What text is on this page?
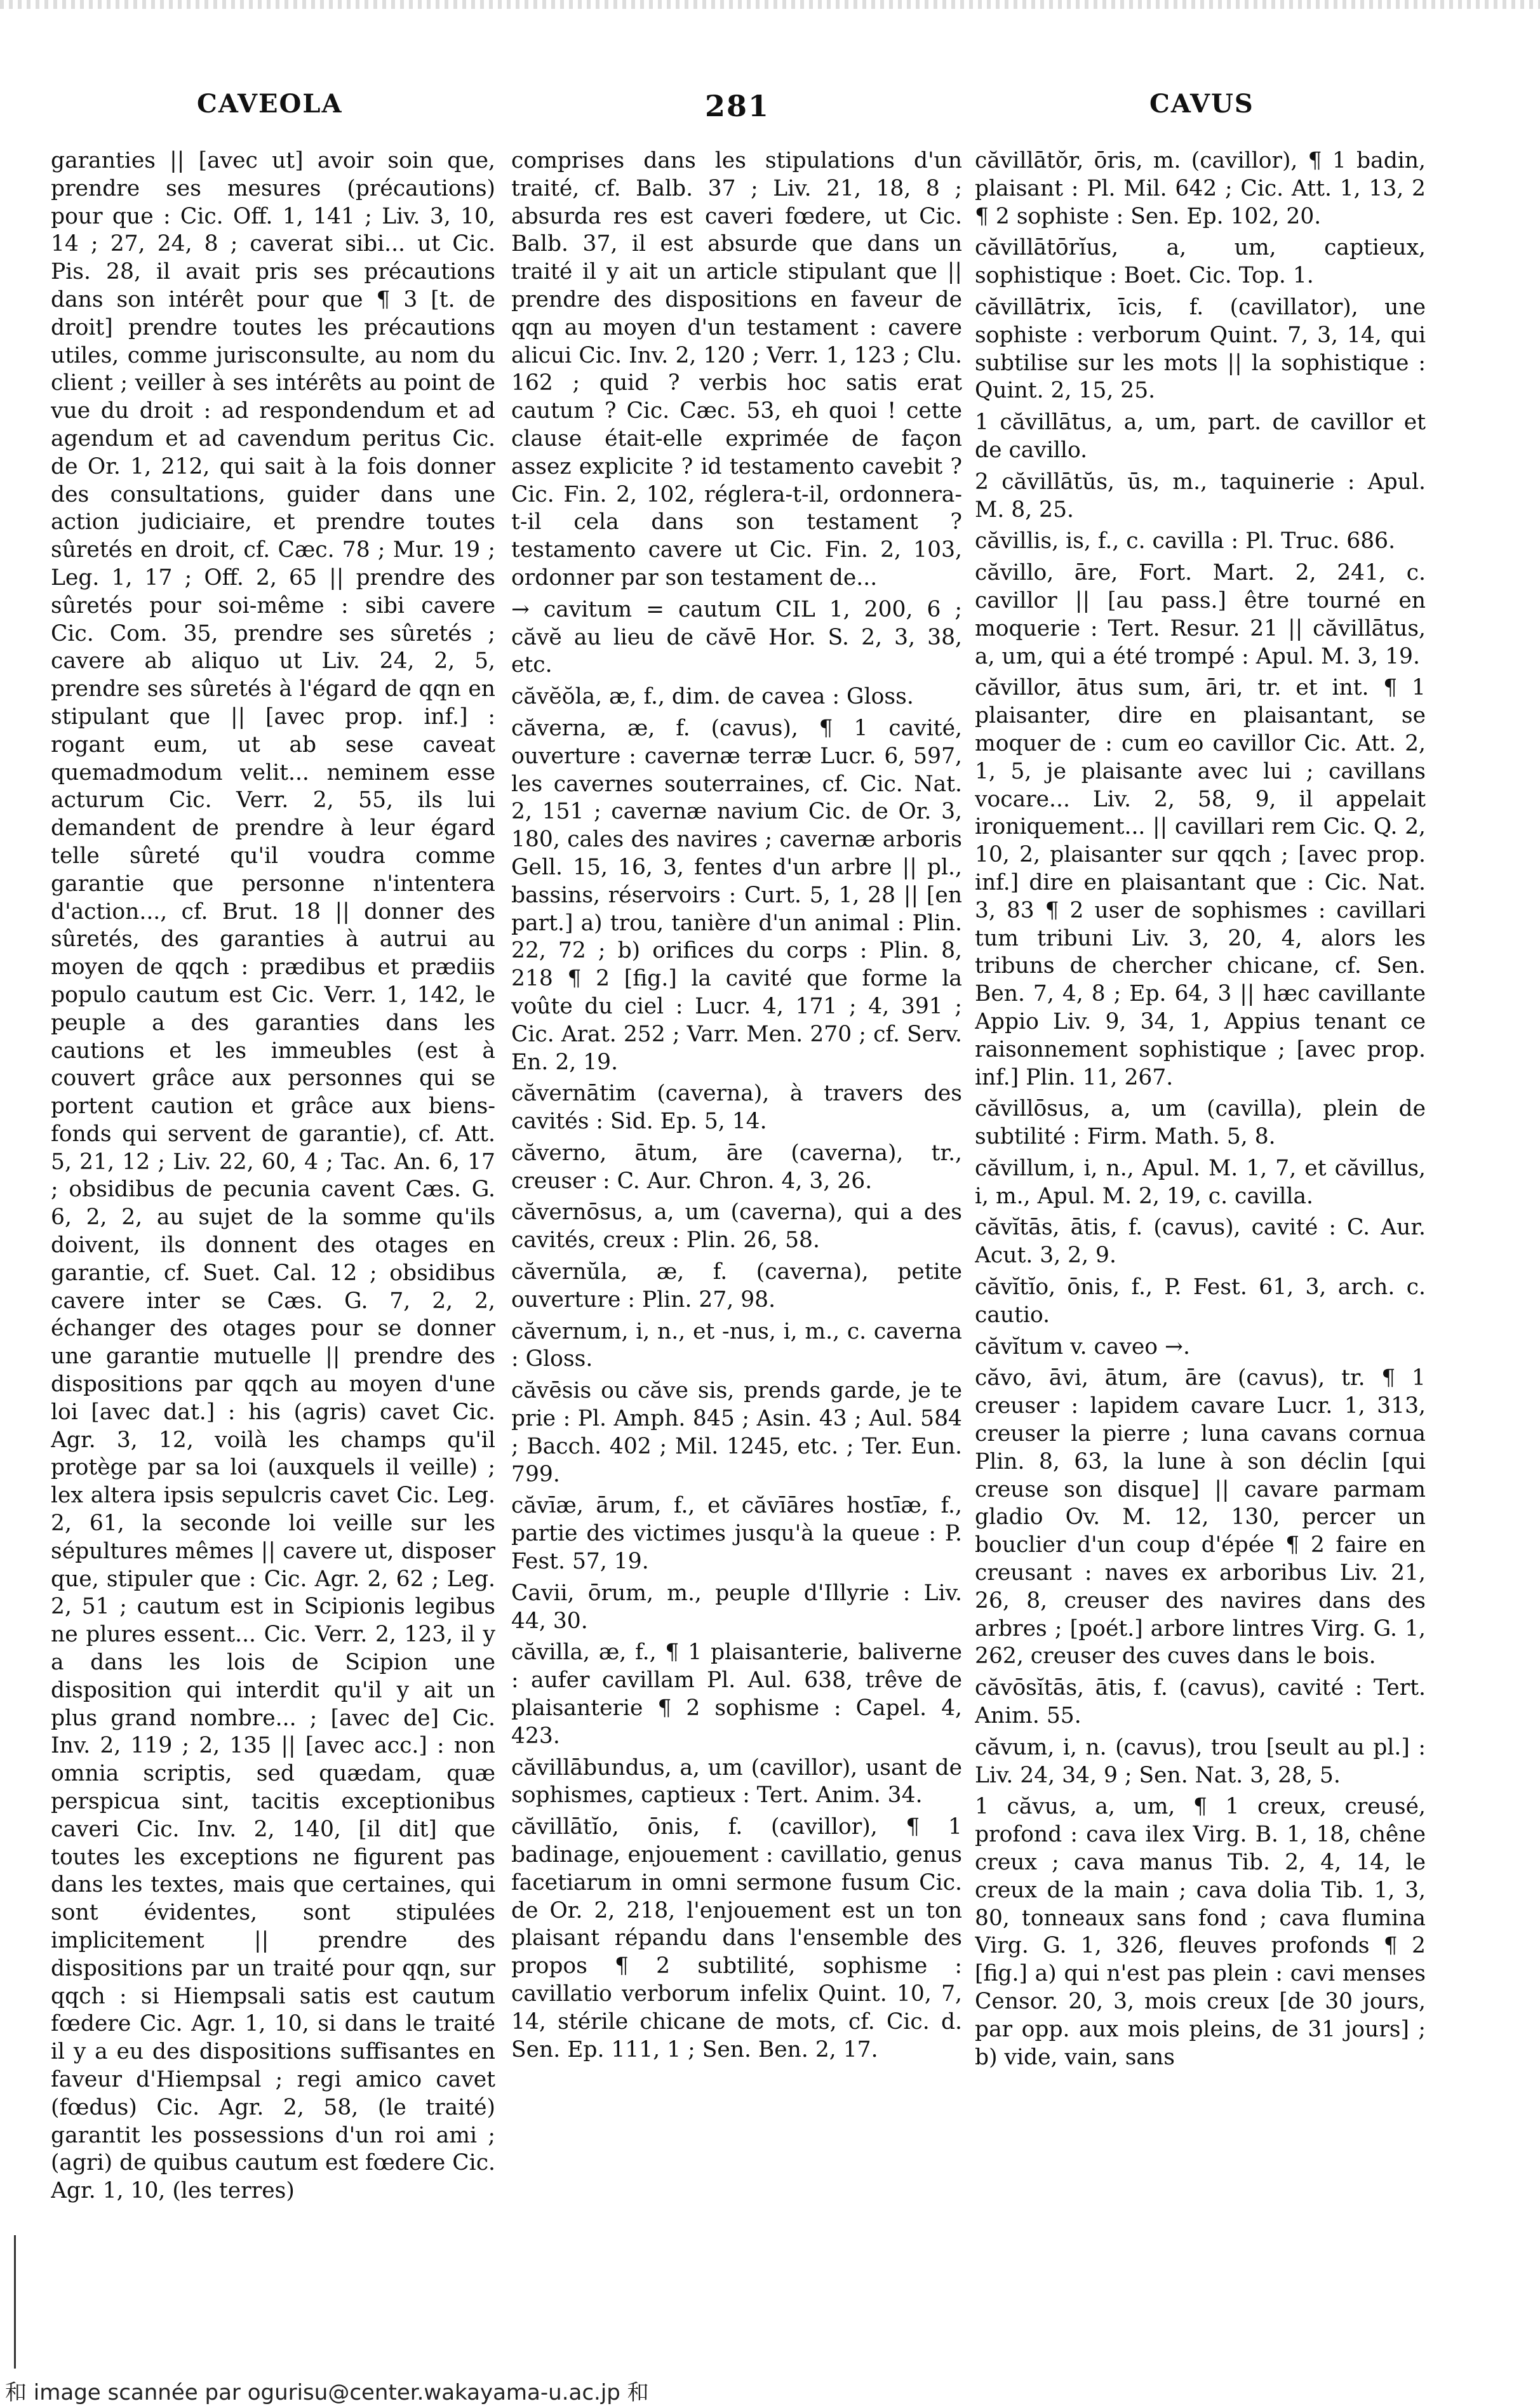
CAVEOLA	281	CAVUS

garanties || [avec ut] avoir soin que, prendre ses mesures (précautions) pour que : Cic. Off. 1, 141 ; Liv. 3, 10, 14 ; 27, 24, 8 ; caverat sibi... ut Cic. Pis. 28, il avait pris ses précautions dans son intérêt pour que ¶ 3 [t. de droit] prendre toutes les précautions utiles, comme jurisconsulte, au nom du client ; veiller à ses intérêts au point de vue du droit : ad respondendum et ad agendum et ad cavendum peritus Cic. de Or. 1, 212, qui sait à la fois donner des consultations, guider dans une action judiciaire, et prendre toutes sûretés en droit, cf. Cæc. 78 ; Mur. 19 ; Leg. 1, 17 ; Off. 2, 65 || prendre des sûretés pour soi-même : sibi cavere Cic. Com. 35, prendre ses sûretés ; cavere ab aliquo ut Liv. 24, 2, 5, prendre ses sûretés à l'égard de qqn en stipulant que || [avec prop. inf.] : rogant eum, ut ab sese caveat quemadmodum velit... neminem esse acturum Cic. Verr. 2, 55, ils lui demandent de prendre à leur égard telle sûreté qu'il voudra comme garantie que personne n'intentera d'action..., cf. Brut. 18 || donner des sûretés, des garanties à autrui au moyen de qqch : prædibus et prædiis populo cautum est Cic. Verr. 1, 142, le peuple a des garanties dans les cautions et les immeubles (est à couvert grâce aux personnes qui se portent caution et grâce aux biens-fonds qui servent de garantie), cf. Att. 5, 21, 12 ; Liv. 22, 60, 4 ; Tac. An. 6, 17 ; obsidibus de pecunia cavent Cæs. G. 6, 2, 2, au sujet de la somme qu'ils doivent, ils donnent des otages en garantie, cf. Suet. Cal. 12 ; obsidibus cavere inter se Cæs. G. 7, 2, 2, échanger des otages pour se donner une garantie mutuelle || prendre des dispositions par qqch au moyen d'une loi [avec dat.] : his (agris) cavet Cic. Agr. 3, 12, voilà les champs qu'il protège par sa loi (auxquels il veille) ; lex altera ipsis sepulcris cavet Cic. Leg. 2, 61, la seconde loi veille sur les sépultures mêmes || cavere ut, disposer que, stipuler que : Cic. Agr. 2, 62 ; Leg. 2, 51 ; cautum est in Scipionis legibus ne plures essent... Cic. Verr. 2, 123, il y a dans les lois de Scipion une disposition qui interdit qu'il y ait un plus grand nombre... ; [avec de] Cic. Inv. 2, 119 ; 2, 135 || [avec acc.] : non omnia scriptis, sed quædam, quæ perspicua sint, tacitis exceptionibus caveri Cic. Inv. 2, 140, [il dit] que toutes les exceptions ne figurent pas dans les textes, mais que certaines, qui sont évidentes, sont stipulées implicitement || prendre des dispositions par un traité pour qqn, sur qqch : si Hiempsali satis est cautum fœdere Cic. Agr. 1, 10, si dans le traité il y a eu des dispositions suffisantes en faveur d'Hiempsal ; regi amico cavet (fœdus) Cic. Agr. 2, 58, (le traité) garantit les possessions d'un roi ami ; (agri) de quibus cautum est fœdere Cic. Agr. 1, 10, (les terres)

comprises dans les stipulations d'un traité, cf. Balb. 37 ; Liv. 21, 18, 8 ; absurda res est caveri fœdere, ut Cic. Balb. 37, il est absurde que dans un traité il y ait un article stipulant que || prendre des dispositions en faveur de qqn au moyen d'un testament : cavere alicui Cic. Inv. 2, 120 ; Verr. 1, 123 ; Clu. 162 ; quid ? verbis hoc satis erat cautum ? Cic. Cæc. 53, eh quoi ! cette clause était-elle exprimée de façon assez explicite ? id testamento cavebit ? Cic. Fin. 2, 102, réglera-t-il, ordonnera-t-il cela dans son testament ? testamento cavere ut Cic. Fin. 2, 103, ordonner par son testament de...

→ cavitum = cautum CIL 1, 200, 6 ; căvĕ au lieu de căvē Hor. S. 2, 3, 38, etc.

căvĕŏla, æ, f., dim. de cavea : Gloss.

căverna, æ, f. (cavus), ¶ 1 cavité, ouverture : cavernæ terræ Lucr. 6, 597, les cavernes souterraines, cf. Cic. Nat. 2, 151 ; cavernæ navium Cic. de Or. 3, 180, cales des navires ; cavernæ arboris Gell. 15, 16, 3, fentes d'un arbre || pl., bassins, réservoirs : Curt. 5, 1, 28 || [en part.] a) trou, tanière d'un animal : Plin. 22, 72 ; b) orifices du corps : Plin. 8, 218 ¶ 2 [fig.] la cavité que forme la voûte du ciel : Lucr. 4, 171 ; 4, 391 ; Cic. Arat. 252 ; Varr. Men. 270 ; cf. Serv. En. 2, 19.

căvernātim (caverna), à travers des cavités : Sid. Ep. 5, 14.

căverno, ātum, āre (caverna), tr., creuser : C. Aur. Chron. 4, 3, 26.

căvernōsus, a, um (caverna), qui a des cavités, creux : Plin. 26, 58.

căvernŭla, æ, f. (caverna), petite ouverture : Plin. 27, 98.

căvernum, i, n., et -nus, i, m., c. caverna : Gloss.

căvēsis ou căve sis, prends garde, je te prie : Pl. Amph. 845 ; Asin. 43 ; Aul. 584 ; Bacch. 402 ; Mil. 1245, etc. ; Ter. Eun. 799.

căvīæ, ārum, f., et căvīāres hostīæ, f., partie des victimes jusqu'à la queue : P. Fest. 57, 19.

Cavii, ōrum, m., peuple d'Illyrie : Liv. 44, 30.

căvilla, æ, f., ¶ 1 plaisanterie, baliverne : aufer cavillam Pl. Aul. 638, trêve de plaisanterie ¶ 2 sophisme : Capel. 4, 423.

căvillābundus, a, um (cavillor), usant de sophismes, captieux : Tert. Anim. 34.

căvillātĭo, ōnis, f. (cavillor), ¶ 1 badinage, enjouement : cavillatio, genus facetiarum in omni sermone fusum Cic. de Or. 2, 218, l'enjouement est un ton plaisant répandu dans l'ensemble des propos ¶ 2 subtilité, sophisme : cavillatio verborum infelix Quint. 10, 7, 14, stérile chicane de mots, cf. Cic. d. Sen. Ep. 111, 1 ; Sen. Ben. 2, 17.

căvillātŏr, ōris, m. (cavillor), ¶ 1 badin, plaisant : Pl. Mil. 642 ; Cic. Att. 1, 13, 2 ¶ 2 sophiste : Sen. Ep. 102, 20.

căvillātōrĭus, a, um, captieux, sophistique : Boet. Cic. Top. 1.

căvillātrix, īcis, f. (cavillator), une sophiste : verborum Quint. 7, 3, 14, qui subtilise sur les mots || la sophistique : Quint. 2, 15, 25.

1 căvillātus, a, um, part. de cavillor et de cavillo.

2 căvillātŭs, ūs, m., taquinerie : Apul. M. 8, 25.

căvillis, is, f., c. cavilla : Pl. Truc. 686.

căvillo, āre, Fort. Mart. 2, 241, c. cavillor || [au pass.] être tourné en moquerie : Tert. Resur. 21 || căvillātus, a, um, qui a été trompé : Apul. M. 3, 19.

căvillor, ātus sum, āri, tr. et int. ¶ 1 plaisanter, dire en plaisantant, se moquer de : cum eo cavillor Cic. Att. 2, 1, 5, je plaisante avec lui ; cavillans vocare... Liv. 2, 58, 9, il appelait ironiquement... || cavillari rem Cic. Q. 2, 10, 2, plaisanter sur qqch ; [avec prop. inf.] dire en plaisantant que : Cic. Nat. 3, 83 ¶ 2 user de sophismes : cavillari tum tribuni Liv. 3, 20, 4, alors les tribuns de chercher chicane, cf. Sen. Ben. 7, 4, 8 ; Ep. 64, 3 || hæc cavillante Appio Liv. 9, 34, 1, Appius tenant ce raisonnement sophistique ; [avec prop. inf.] Plin. 11, 267.

căvillōsus, a, um (cavilla), plein de subtilité : Firm. Math. 5, 8.

căvillum, i, n., Apul. M. 1, 7, et căvillus, i, m., Apul. M. 2, 19, c. cavilla.

căvĭtās, ātis, f. (cavus), cavité : C. Aur. Acut. 3, 2, 9.

căvĭtĭo, ōnis, f., P. Fest. 61, 3, arch. c. cautio.

căvĭtum v. caveo →.

căvo, āvi, ātum, āre (cavus), tr. ¶ 1 creuser : lapidem cavare Lucr. 1, 313, creuser la pierre ; luna cavans cornua Plin. 8, 63, la lune à son déclin [qui creuse son disque] || cavare parmam gladio Ov. M. 12, 130, percer un bouclier d'un coup d'épée ¶ 2 faire en creusant : naves ex arboribus Liv. 21, 26, 8, creuser des navires dans des arbres ; [poét.] arbore lintres Virg. G. 1, 262, creuser des cuves dans le bois.

căvōsĭtās, ātis, f. (cavus), cavité : Tert. Anim. 55.

căvum, i, n. (cavus), trou [seult au pl.] : Liv. 24, 34, 9 ; Sen. Nat. 3, 28, 5.

1 căvus, a, um, ¶ 1 creux, creusé, profond : cava ilex Virg. B. 1, 18, chêne creux ; cava manus Tib. 2, 4, 14, le creux de la main ; cava dolia Tib. 1, 3, 80, tonneaux sans fond ; cava flumina Virg. G. 1, 326, fleuves profonds ¶ 2 [fig.] a) qui n'est pas plein : cavi menses Censor. 20, 3, mois creux [de 30 jours, par opp. aux mois pleins, de 31 jours] ; b) vide, vain, sans

和 image scannée par ogurisu@center.wakayama-u.ac.jp 和
